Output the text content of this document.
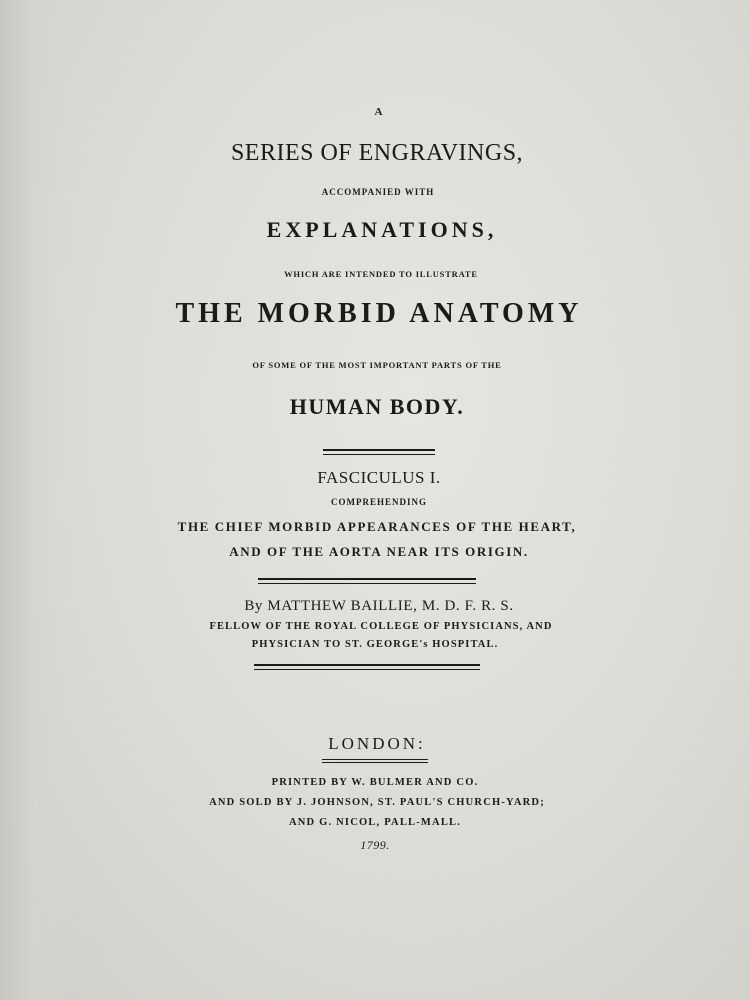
A
SERIES OF ENGRAVINGS,
ACCOMPANIED WITH
EXPLANATIONS,
WHICH ARE INTENDED TO ILLUSTRATE
THE MORBID ANATOMY
OF SOME OF THE MOST IMPORTANT PARTS OF THE
HUMAN BODY.
FASCICULUS I.
COMPREHENDING
THE CHIEF MORBID APPEARANCES OF THE HEART,
AND OF THE AORTA NEAR ITS ORIGIN.
By MATTHEW BAILLIE, M. D. F. R. S.
FELLOW OF THE ROYAL COLLEGE OF PHYSICIANS, AND
PHYSICIAN TO ST. GEORGE's HOSPITAL.
LONDON:
PRINTED BY W. BULMER AND CO.
AND SOLD BY J. JOHNSON, ST. PAUL'S CHURCH-YARD;
AND G. NICOL, PALL-MALL.
1799.
